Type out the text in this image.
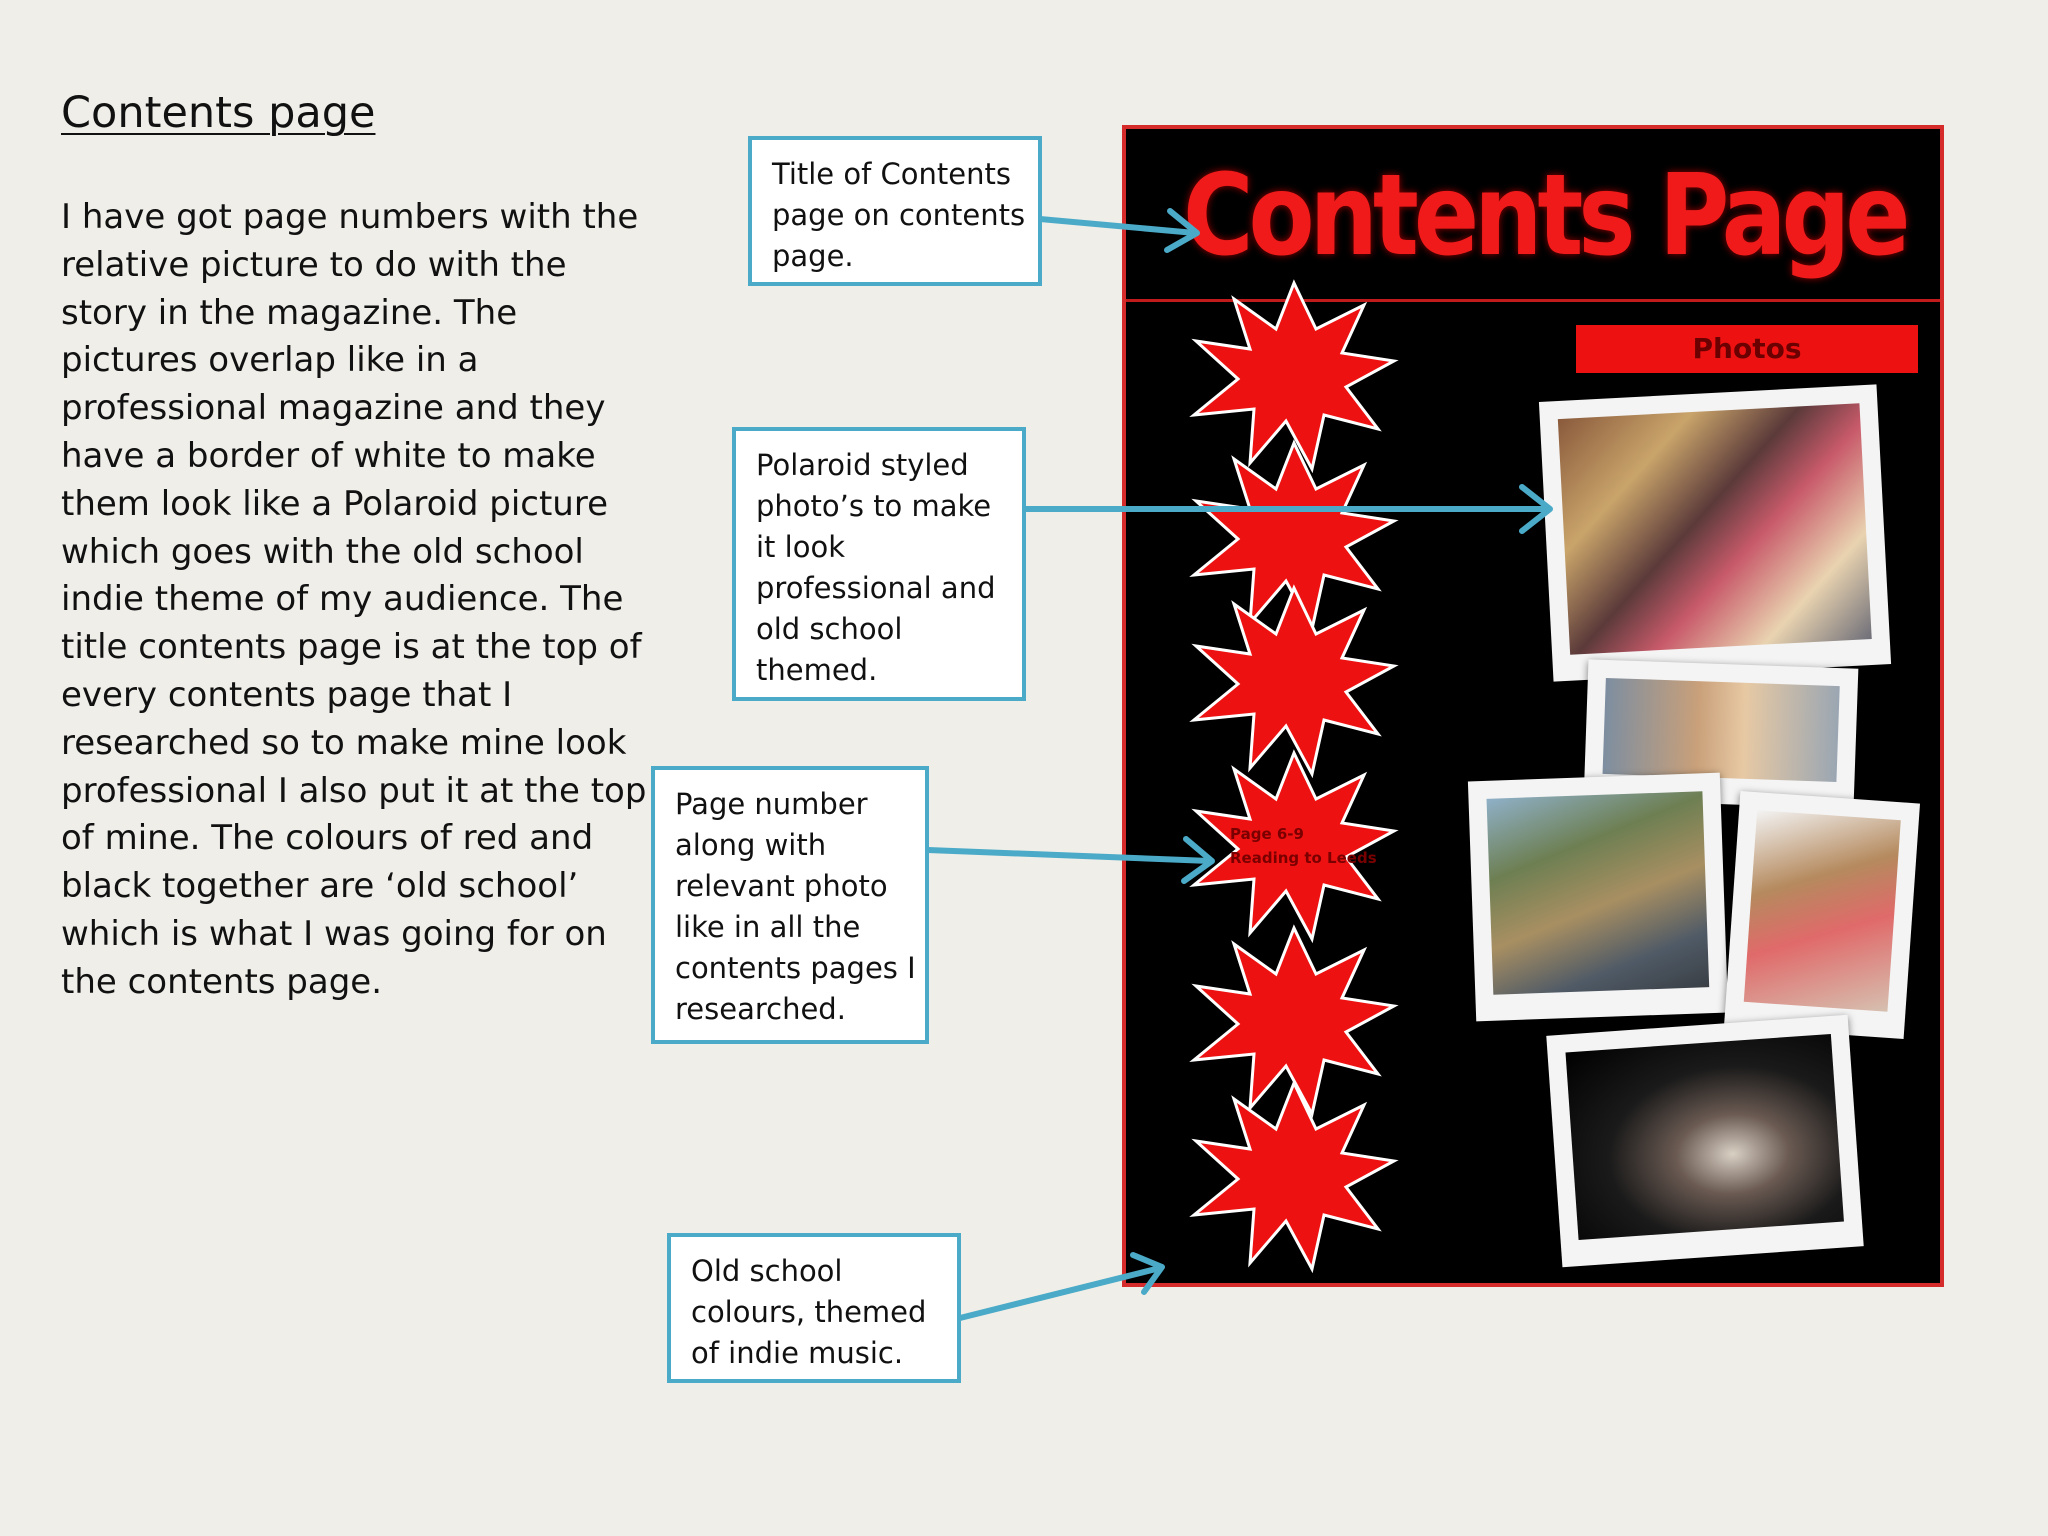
Contents page
I have got page numbers with the
relative picture to do with the
story in the magazine. The
pictures overlap like in a
professional magazine and they
have a border of white to make
them look like a Polaroid picture
which goes with the old school
indie theme of my audience. The
title contents page is at the top of
every contents page that I
researched so to make mine look
professional I also put it at the top
of mine. The colours of red and
black together are ‘old school’
which is what I was going for on
the contents page.
Contents Page
Photos
Page 6-9
Reading to Leeds
Title of Contents
page on contents
page.
Polaroid styled
photo’s to make
it look
professional and
old school
themed.
Page number
along with
relevant photo
like in all the
contents pages I
researched.
Old school
colours, themed
of indie music.
